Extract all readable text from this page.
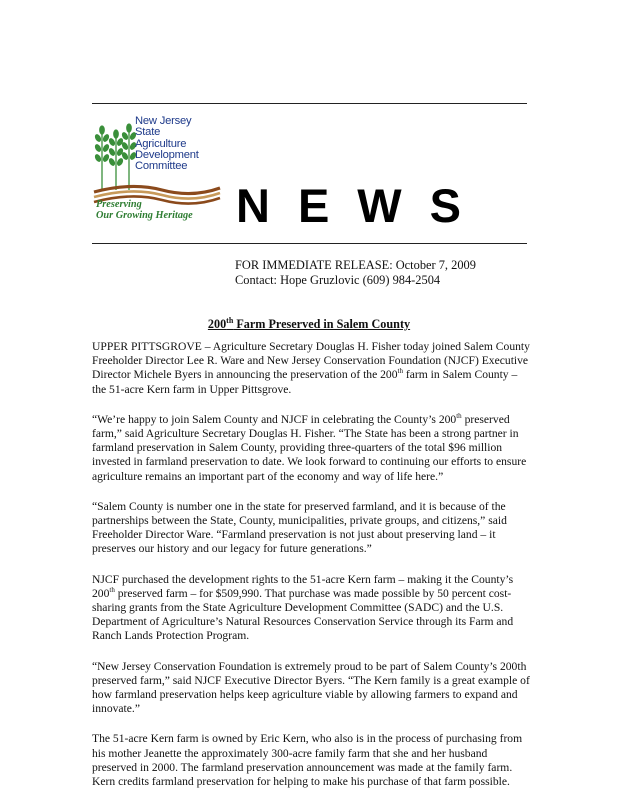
New Jersey
State
Agriculture
Development
Committee
Preserving
Our Growing Heritage NEWS
FOR IMMEDIATE RELEASE: October 7, 2009
Contact: Hope Gruzlovic (609) 984-2504
200th Farm Preserved in Salem County

UPPER PITTSGROVE – Agriculture Secretary Douglas H. Fisher today joined Salem County Freeholder Director Lee R. Ware and New Jersey Conservation Foundation (NJCF) Executive Director Michele Byers in announcing the preservation of the 200th farm in Salem County – the 51-acre Kern farm in Upper Pittsgrove.

“We’re happy to join Salem County and NJCF in celebrating the County’s 200th preserved farm,” said Agriculture Secretary Douglas H. Fisher. “The State has been a strong partner in farmland preservation in Salem County, providing three-quarters of the total $96 million invested in farmland preservation to date. We look forward to continuing our efforts to ensure agriculture remains an important part of the economy and way of life here.”

“Salem County is number one in the state for preserved farmland, and it is because of the partnerships between the State, County, municipalities, private groups, and citizens,” said Freeholder Director Ware. “Farmland preservation is not just about preserving land – it preserves our history and our legacy for future generations.”

NJCF purchased the development rights to the 51-acre Kern farm – making it the County’s 200th preserved farm – for $509,990. That purchase was made possible by 50 percent cost-sharing grants from the State Agriculture Development Committee (SADC) and the U.S. Department of Agriculture’s Natural Resources Conservation Service through its Farm and Ranch Lands Protection Program.

“New Jersey Conservation Foundation is extremely proud to be part of Salem County’s 200th preserved farm,” said NJCF Executive Director Byers. “The Kern family is a great example of how farmland preservation helps keep agriculture viable by allowing farmers to expand and innovate.”

The 51-acre Kern farm is owned by Eric Kern, who also is in the process of purchasing from his mother Jeanette the approximately 300-acre family farm that she and her husband preserved in 2000. The farmland preservation announcement was made at the family farm. Kern credits farmland preservation for helping to make his purchase of that farm possible.
